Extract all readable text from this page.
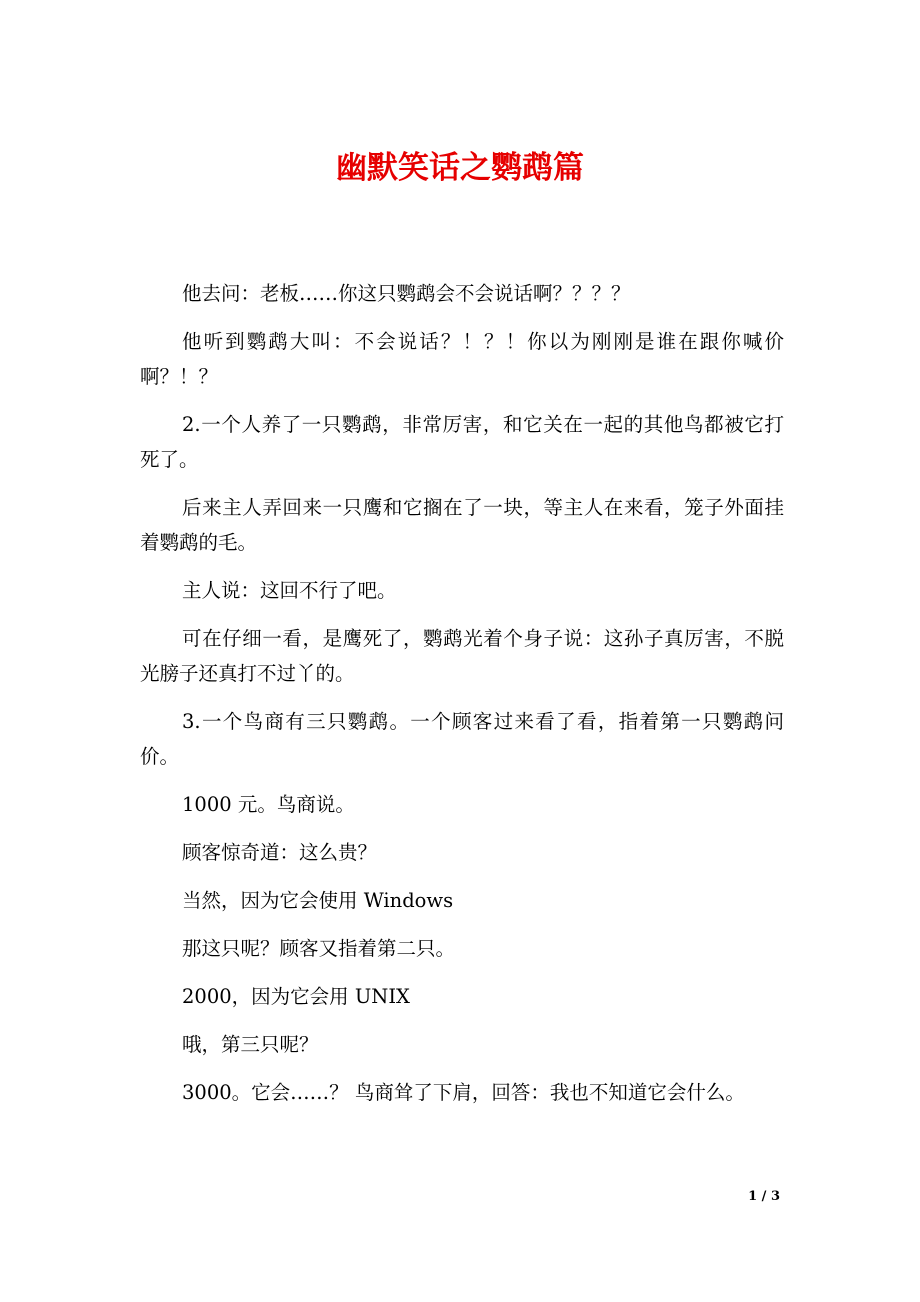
幽默笑话之鹦鹉篇

他去问：老板……你这只鹦鹉会不会说话啊？？？？

他听到鹦鹉大叫：不会说话？！？！你以为刚刚是谁在跟你喊价啊？！？

2.一个人养了一只鹦鹉，非常厉害，和它关在一起的其他鸟都被它打死了。

后来主人弄回来一只鹰和它搁在了一块，等主人在来看，笼子外面挂着鹦鹉的毛。

主人说：这回不行了吧。

可在仔细一看，是鹰死了，鹦鹉光着个身子说：这孙子真厉害，不脱光膀子还真打不过丫的。

3.一个鸟商有三只鹦鹉。一个顾客过来看了看，指着第一只鹦鹉问价。

1000 元。鸟商说。

顾客惊奇道：这么贵？

当然，因为它会使用 Windows

那这只呢？顾客又指着第二只。

2000，因为它会用 UNIX

哦，第三只呢？

3000。它会……？ 鸟商耸了下肩，回答：我也不知道它会什么。

1 / 3
